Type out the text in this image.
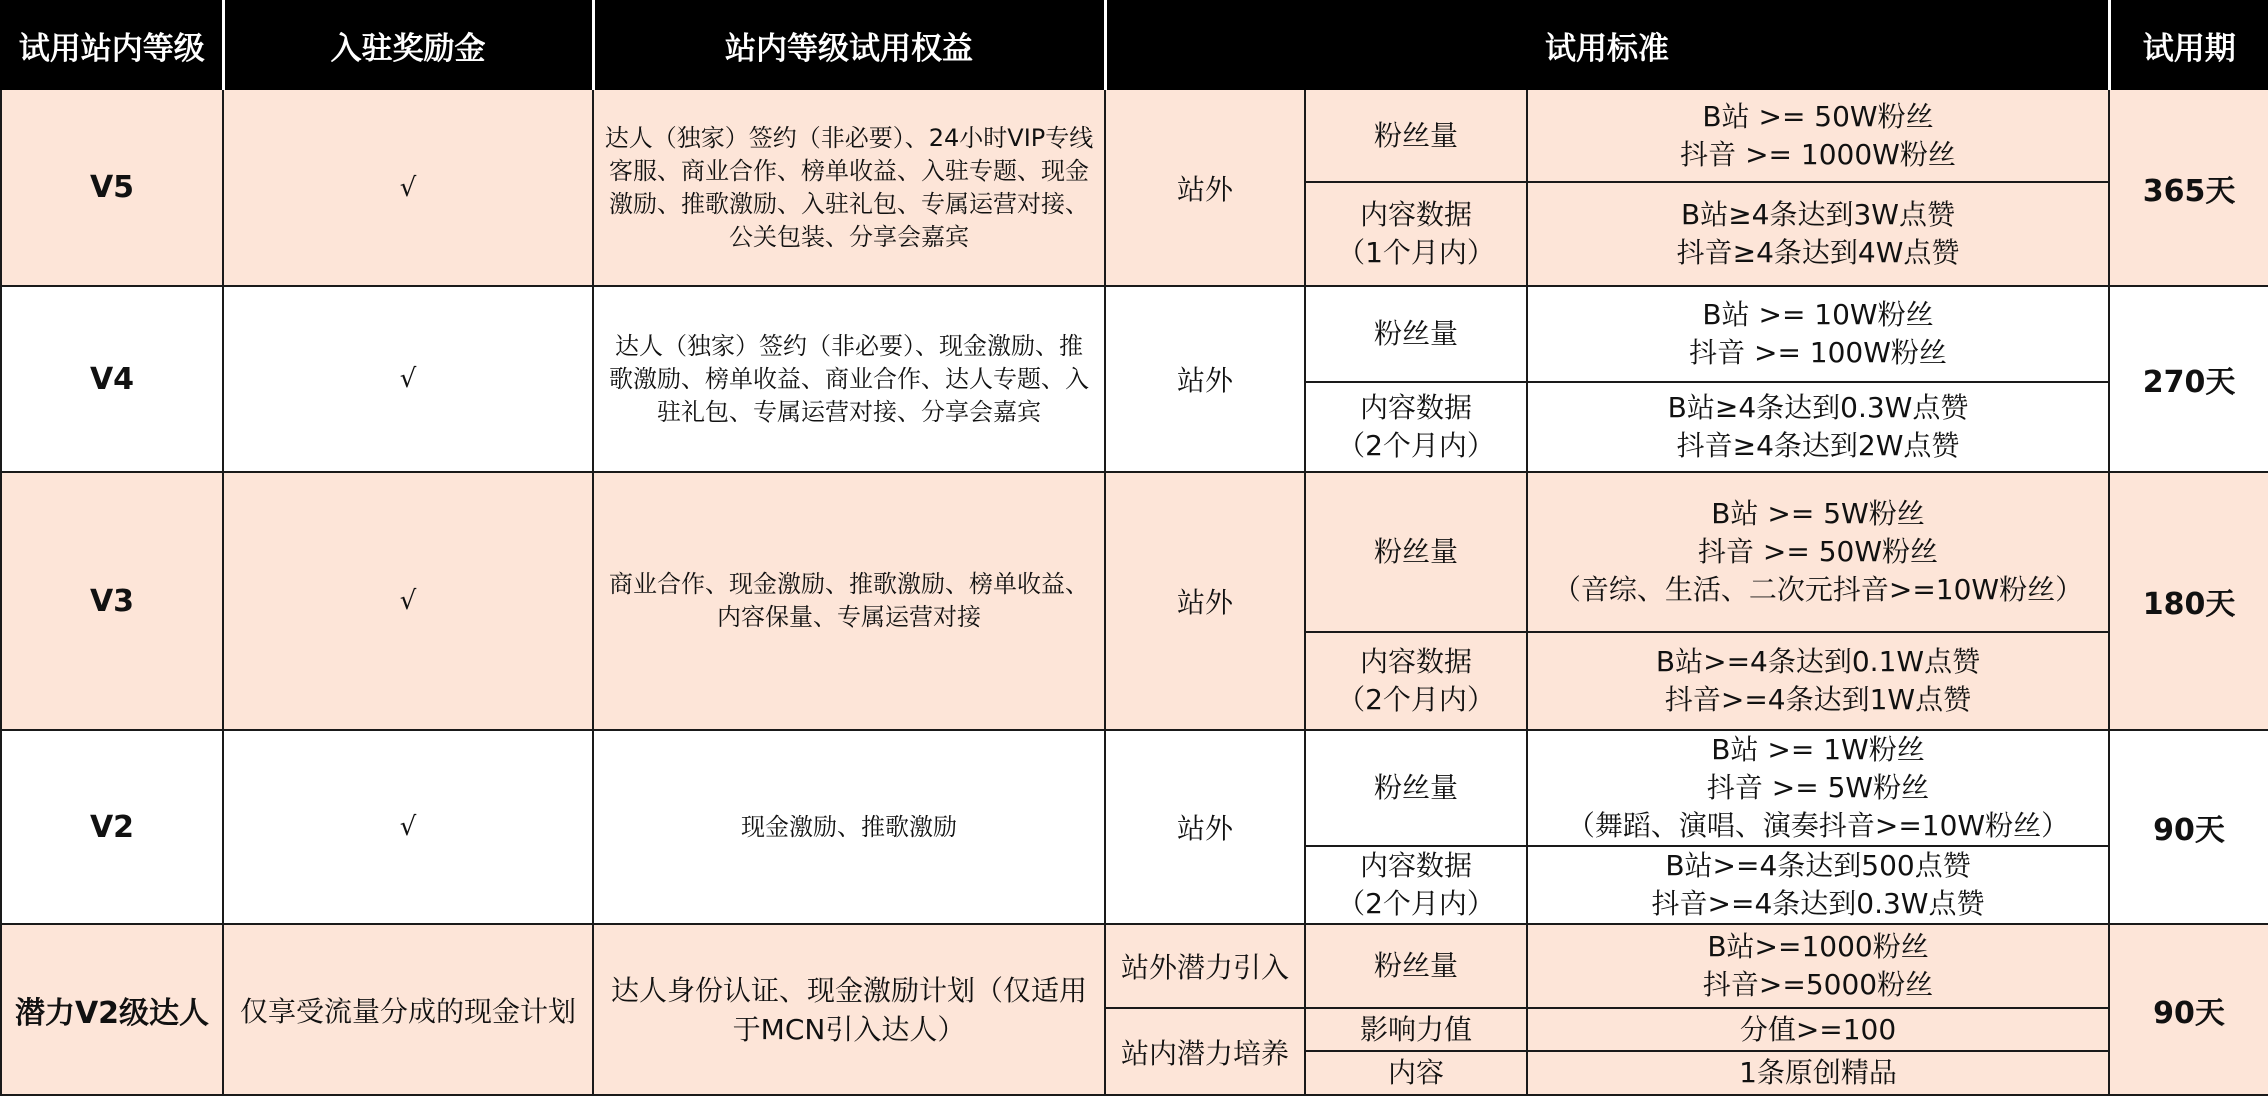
试用站内等级	入驻奖励金	站内等级试用权益	试用标准			试用期
V5	√	达人（独家）签约（非必要）、24小时VIP专线
客服、商业合作、榜单收益、入驻专题、现金
激励、推歌激励、入驻礼包、专属运营对接、
公关包装、分享会嘉宾	站外	粉丝量	B站 >= 50W粉丝
抖音 >= 1000W粉丝	365天

				内容数据
（1个月内）	B站≥4条达到3W点赞
抖音≥4条达到4W点赞	

V4	√	达人（独家）签约（非必要）、现金激励、推
歌激励、榜单收益、商业合作、达人专题、入
驻礼包、专属运营对接、分享会嘉宾	站外	粉丝量	B站 >= 10W粉丝
抖音 >= 100W粉丝	270天

				内容数据
（2个月内）	B站≥4条达到0.3W点赞
抖音≥4条达到2W点赞	

V3	√	商业合作、现金激励、推歌激励、榜单收益、
内容保量、专属运营对接	站外	粉丝量	B站 >= 5W粉丝
抖音 >= 50W粉丝
（音综、生活、二次元抖音>=10W粉丝）	180天

				内容数据
（2个月内）	B站>=4条达到0.1W点赞
抖音>=4条达到1W点赞	

V2	√	现金激励、推歌激励	站外	粉丝量	B站 >= 1W粉丝
抖音 >= 5W粉丝
（舞蹈、演唱、演奏抖音>=10W粉丝）	90天

				内容数据
（2个月内）	B站>=4条达到500点赞
抖音>=4条达到0.3W点赞	

潜力V2级达人	仅享受流量分成的现金计划	达人身份认证、现金激励计划（仅适用
于MCN引入达人）	站外潜力引入	粉丝量	B站>=1000粉丝
抖音>=5000粉丝	90天
			站内潜力培养	影响力值	分值>=100	

				内容	1条原创精品	
